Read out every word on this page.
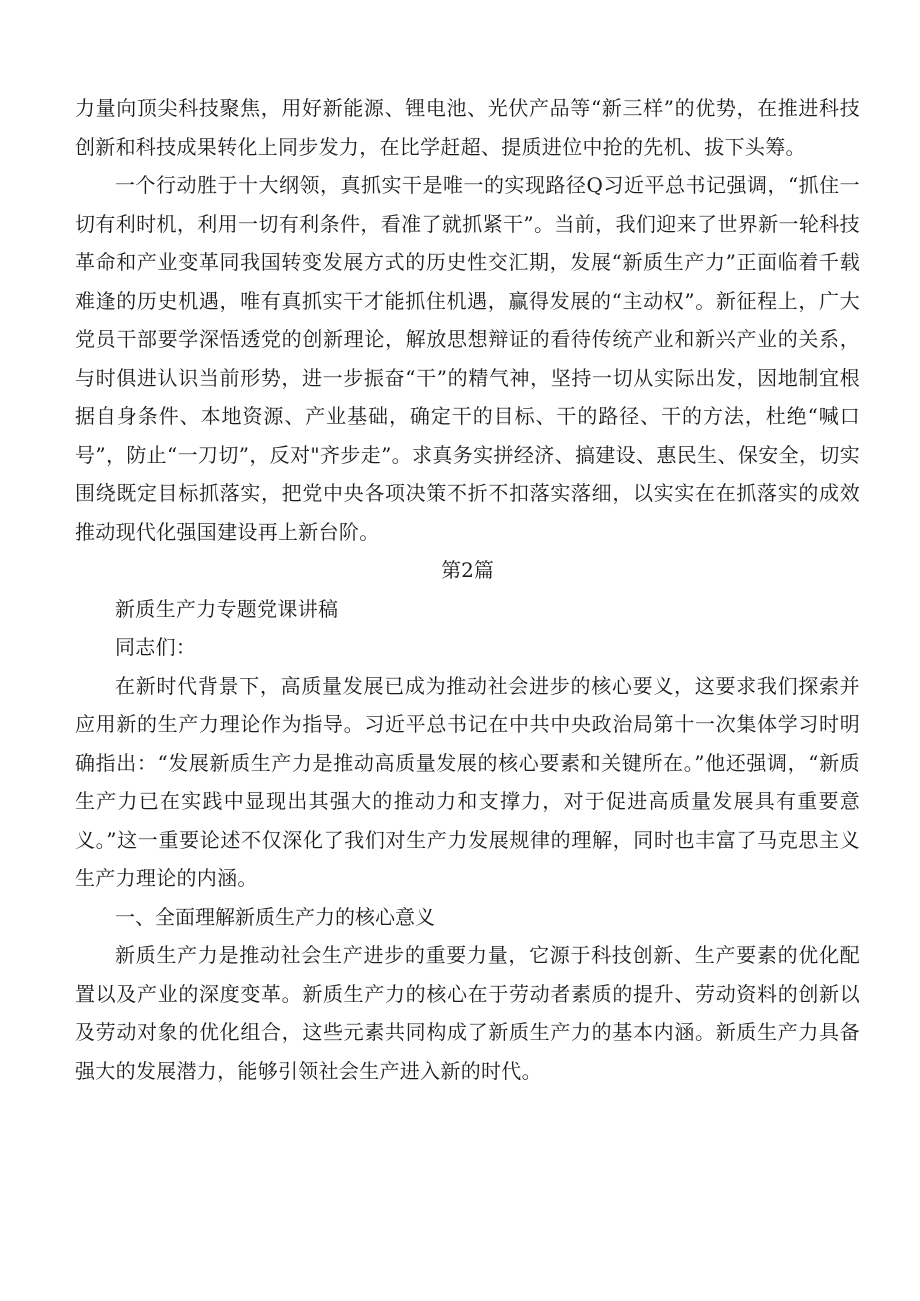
力量向顶尖科技聚焦，用好新能源、锂电池、光伏产品等“新三样”的优势，在推进科技创新和科技成果转化上同步发力，在比学赶超、提质进位中抢的先机、拔下头筹。

一个行动胜于十大纲领，真抓实干是唯一的实现路径Q习近平总书记强调，“抓住一切有利时机，利用一切有利条件，看准了就抓紧干”。当前，我们迎来了世界新一轮科技革命和产业变革同我国转变发展方式的历史性交汇期，发展“新质生产力”正面临着千载难逢的历史机遇，唯有真抓实干才能抓住机遇，赢得发展的“主动权”。新征程上，广大党员干部要学深悟透党的创新理论，解放思想辩证的看待传统产业和新兴产业的关系，与时俱进认识当前形势，进一步振奋“干”的精气神，坚持一切从实际出发，因地制宜根据自身条件、本地资源、产业基础，确定干的目标、干的路径、干的方法，杜绝“喊口号”，防止“一刀切”，反对"齐步走”。求真务实拼经济、搞建设、惠民生、保安全，切实围绕既定目标抓落实，把党中央各项决策不折不扣落实落细，以实实在在抓落实的成效推动现代化强国建设再上新台阶。

第2篇

新质生产力专题党课讲稿

同志们：

在新时代背景下，高质量发展已成为推动社会进步的核心要义，这要求我们探索并应用新的生产力理论作为指导。习近平总书记在中共中央政治局第十一次集体学习时明确指出：“发展新质生产力是推动高质量发展的核心要素和关键所在。”他还强调，“新质生产力已在实践中显现出其强大的推动力和支撑力，对于促进高质量发展具有重要意义。”这一重要论述不仅深化了我们对生产力发展规律的理解，同时也丰富了马克思主义生产力理论的内涵。

一、全面理解新质生产力的核心意义

新质生产力是推动社会生产进步的重要力量，它源于科技创新、生产要素的优化配置以及产业的深度变革。新质生产力的核心在于劳动者素质的提升、劳动资料的创新以及劳动对象的优化组合，这些元素共同构成了新质生产力的基本内涵。新质生产力具备强大的发展潜力，能够引领社会生产进入新的时代。
